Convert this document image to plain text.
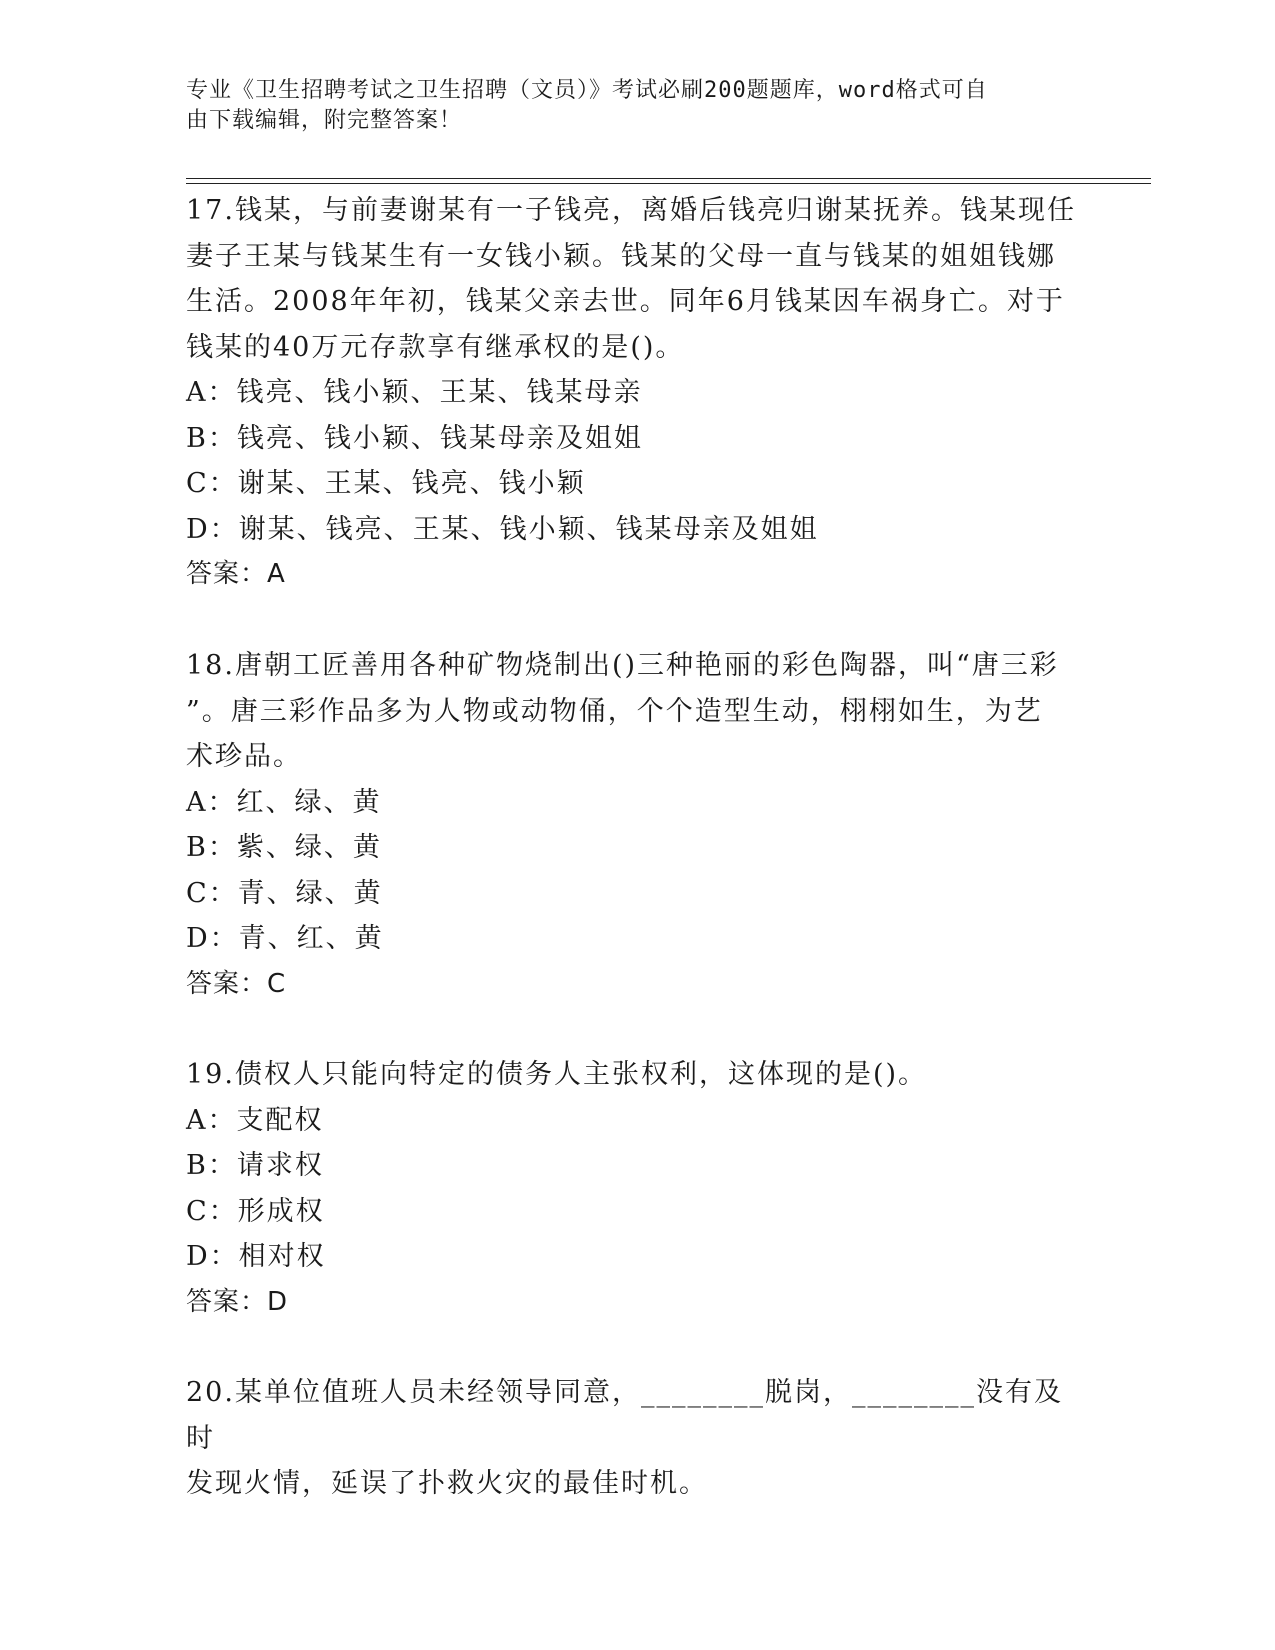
专业《卫生招聘考试之卫生招聘（文员）》考试必刷200题题库，word格式可自
由下载编辑，附完整答案！

17.钱某，与前妻谢某有一子钱亮，离婚后钱亮归谢某抚养。钱某现任

妻子王某与钱某生有一女钱小颖。钱某的父母一直与钱某的姐姐钱娜

生活。2008年年初，钱某父亲去世。同年6月钱某因车祸身亡。对于

钱某的40万元存款享有继承权的是()。

A：钱亮、钱小颖、王某、钱某母亲

B：钱亮、钱小颖、钱某母亲及姐姐

C：谢某、王某、钱亮、钱小颖

D：谢某、钱亮、王某、钱小颖、钱某母亲及姐姐

答案：A

18.唐朝工匠善用各种矿物烧制出()三种艳丽的彩色陶器，叫“唐三彩

”。唐三彩作品多为人物或动物俑，个个造型生动，栩栩如生，为艺

术珍品。

A：红、绿、黄

B：紫、绿、黄

C：青、绿、黄

D：青、红、黄

答案：C

19.债权人只能向特定的债务人主张权利，这体现的是()。

A：支配权

B：请求权

C：形成权

D：相对权

答案：D

20.某单位值班人员未经领导同意，________脱岗，________没有及时

发现火情，延误了扑救火灾的最佳时机。
